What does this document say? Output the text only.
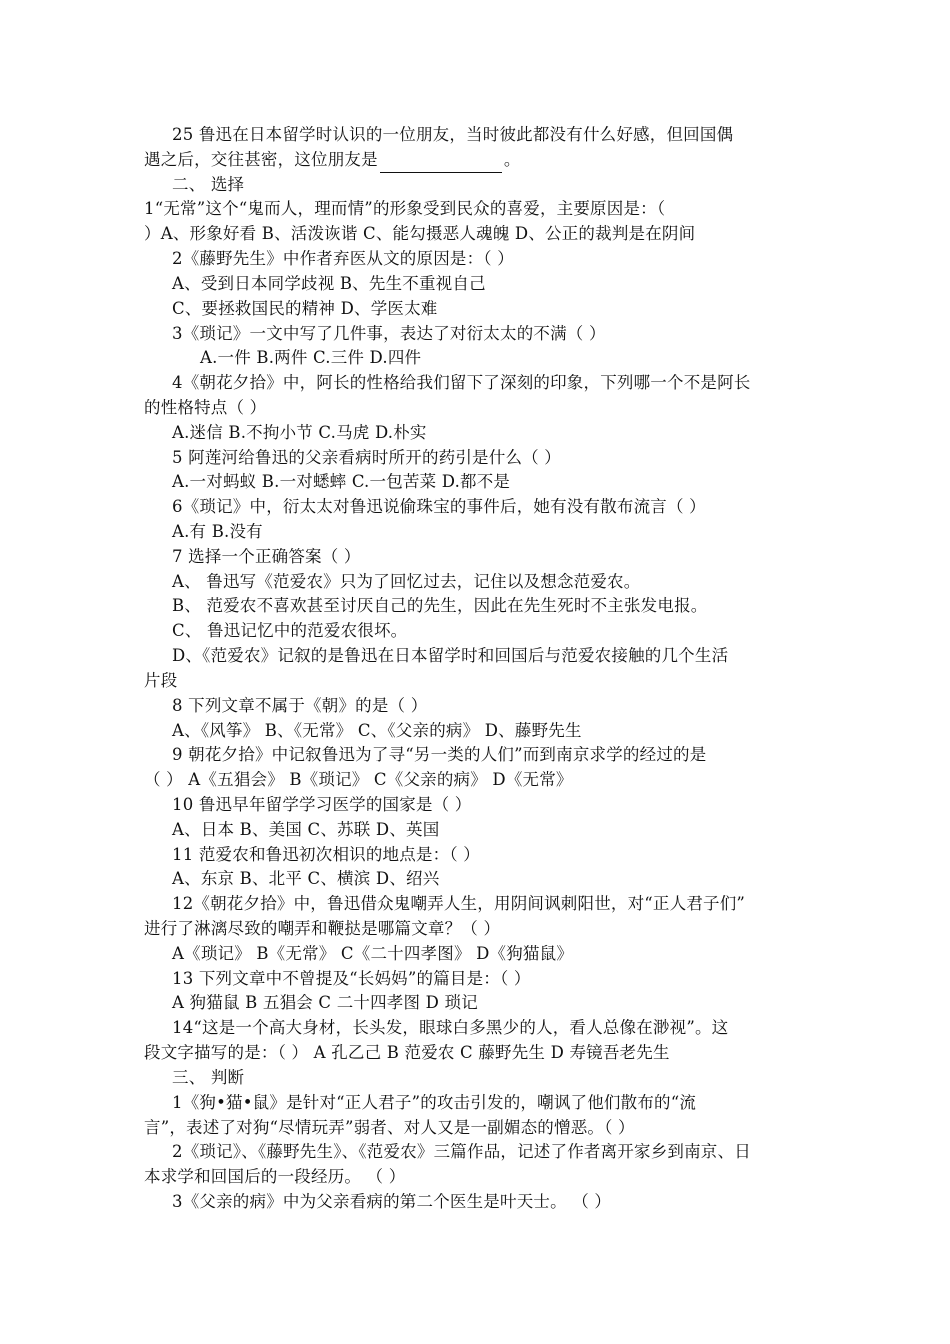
25 鲁迅在日本留学时认识的一位朋友，当时彼此都没有什么好感，但回国偶
遇之后，交往甚密，这位朋友是	。
二、 选择
1“无常”这个“鬼而人，理而情”的形象受到民众的喜爱，主要原因是：（
）A、形象好看 B、活泼诙谐 C、能勾摄恶人魂魄 D、公正的裁判是在阴间
2《藤野先生》中作者弃医从文的原因是：（ ）
A、受到日本同学歧视 B、先生不重视自己
C、要拯救国民的精神 D、学医太难
3《琐记》一文中写了几件事，表达了对衍太太的不满（ ）
A.一件 B.两件 C.三件 D.四件
4《朝花夕拾》中，阿长的性格给我们留下了深刻的印象，下列哪一个不是阿长
的性格特点（ ）
A.迷信 B.不拘小节 C.马虎 D.朴实
5 阿莲河给鲁迅的父亲看病时所开的药引是什么（ ）
A.一对蚂蚁 B.一对蟋蟀 C.一包苦菜 D.都不是
6《琐记》中，衍太太对鲁迅说偷珠宝的事件后，她有没有散布流言（ ）
A.有 B.没有
7 选择一个正确答案（ ）
A、 鲁迅写《范爱农》只为了回忆过去，记住以及想念范爱农。
B、 范爱农不喜欢甚至讨厌自己的先生，因此在先生死时不主张发电报。
C、 鲁迅记忆中的范爱农很坏。
D、《范爱农》记叙的是鲁迅在日本留学时和回国后与范爱农接触的几个生活
片段
8 下列文章不属于《朝》的是（ ）
A、《风筝》 B、《无常》 C、《父亲的病》 D、藤野先生
9 朝花夕拾》中记叙鲁迅为了寻“另一类的人们”而到南京求学的经过的是
（ ） A《五猖会》 B《琐记》 C《父亲的病》 D《无常》
10 鲁迅早年留学学习医学的国家是（ ）
A、日本 B、美国 C、苏联 D、英国
11 范爱农和鲁迅初次相识的地点是：（ ）
A、东京 B、北平 C、横滨 D、绍兴
12《朝花夕拾》中，鲁迅借众鬼嘲弄人生，用阴间讽刺阳世，对“正人君子们”
进行了淋漓尽致的嘲弄和鞭挞是哪篇文章？（ ）
A《琐记》 B《无常》 C《二十四孝图》 D《狗猫鼠》
13 下列文章中不曾提及“长妈妈”的篇目是：（ ）
A 狗猫鼠 B 五猖会 C 二十四孝图 D 琐记
14“这是一个高大身材，长头发，眼球白多黑少的人，看人总像在渺视”。这
段文字描写的是：（ ） A 孔乙己 B 范爱农 C 藤野先生 D 寿镜吾老先生
三、 判断
1《狗•猫•鼠》是针对“正人君子”的攻击引发的，嘲讽了他们散布的“流
言”，表述了对狗“尽情玩弄”弱者、对人又是一副媚态的憎恶。（ ）
2《琐记》、《藤野先生》、《范爱农》三篇作品，记述了作者离开家乡到南京、日
本求学和回国后的一段经历。 （ ）
3《父亲的病》中为父亲看病的第二个医生是叶天士。 （ ）
